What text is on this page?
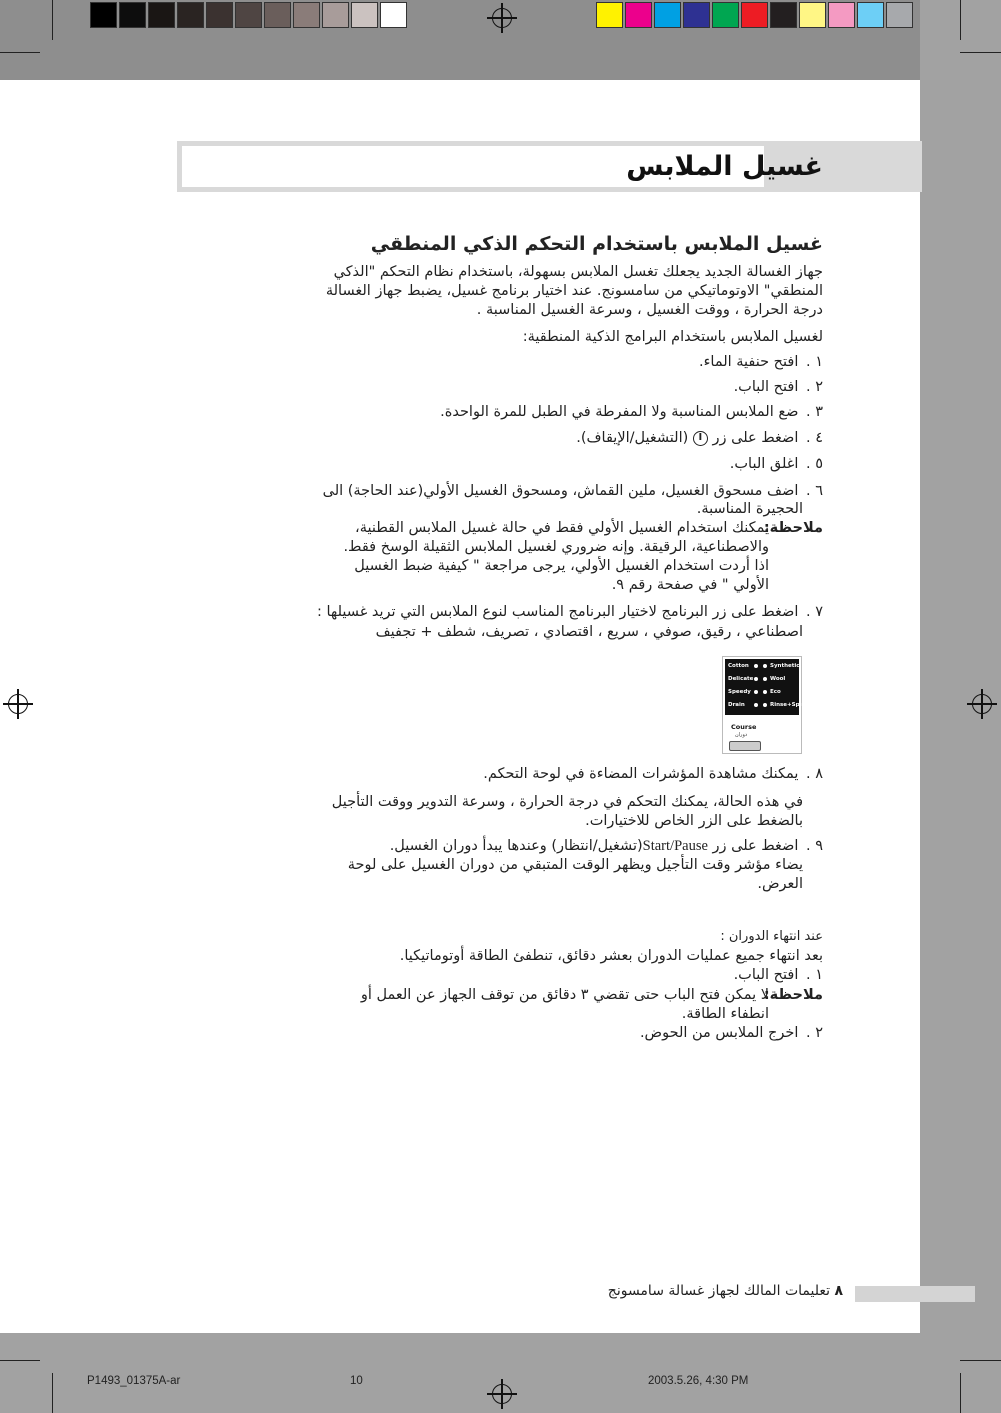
غسيل الملابس
غسيل الملابس باستخدام التحكم الذكي المنطقي
جهاز الغسالة الجديد يجعلك تغسل الملابس بسهولة، باستخدام نظام التحكم "الذكي
المنطقي" الاوتوماتيكي من سامسونج. عند اختيار برنامج غسيل، يضبط جهاز الغسالة
درجة الحرارة ، ووقت الغسيل ، وسرعة الغسيل المناسبة .
لغسيل الملابس باستخدام البرامج الذكية المنطقية:
١ . افتح حنفية الماء.
٢ . افتح الباب.
٣ . ضع الملابس المناسبة ولا المفرطة في الطبل للمرة الواحدة.
٤ . اضغط على زر I (التشغيل/الإيقاف).
٥ . اغلق الباب.
٦ . اضف مسحوق الغسيل، ملين القماش، ومسحوق الغسيل الأولي(عند الحاجة) الى
الحجيرة المناسبة.
ملاحظة:
يمكنك استخدام الغسيل الأولي فقط في حالة غسيل الملابس القطنية،
والاصطناعية، الرقيقة. وإنه ضروري لغسيل الملابس الثقيلة الوسخ فقط.
اذا أردت استخدام الغسيل الأولي، يرجى مراجعة " كيفية ضبط الغسيل
الأولي " في صفحة رقم ٩.
٧ . اضغط على زر البرنامج لاختيار البرنامج المناسب لنوع الملابس التي تريد غسيلها :
اصطناعي ، رقيق، صوفي ، سريع ، اقتصادي ، تصريف، شطف + تجفيف
Cotton
Delicate
Speedy
Drain
Synthetic
Wool
Eco
Rinse+Spin
Course
دوران
٨ . يمكنك مشاهدة المؤشرات المضاءة في لوحة التحكم.
في هذه الحالة، يمكنك التحكم في درجة الحرارة ، وسرعة التدوير ووقت التأجيل
بالضغط على الزر الخاص للاختيارات.
٩ . اضغط على زر Start/Pause(تشغيل/انتظار) وعندها يبدأ دوران الغسيل.
يضاء مؤشر وقت التأجيل ويظهر الوقت المتبقي من دوران الغسيل على لوحة
العرض.
عند انتهاء الدوران :
بعد انتهاء جميع عمليات الدوران بعشر دقائق، تنطفئ الطاقة أوتوماتيكيا.
١ . افتح الباب.
ملاحظة:
لا يمكن فتح الباب حتى تقضي ٣ دقائق من توقف الجهاز عن العمل أو
انطفاء الطاقة.
٢ . اخرج الملابس من الحوض.
٨ تعليمات المالك لجهاز غسالة سامسونج
P1493_01375A-ar	10	2003.5.26, 4:30 PM
